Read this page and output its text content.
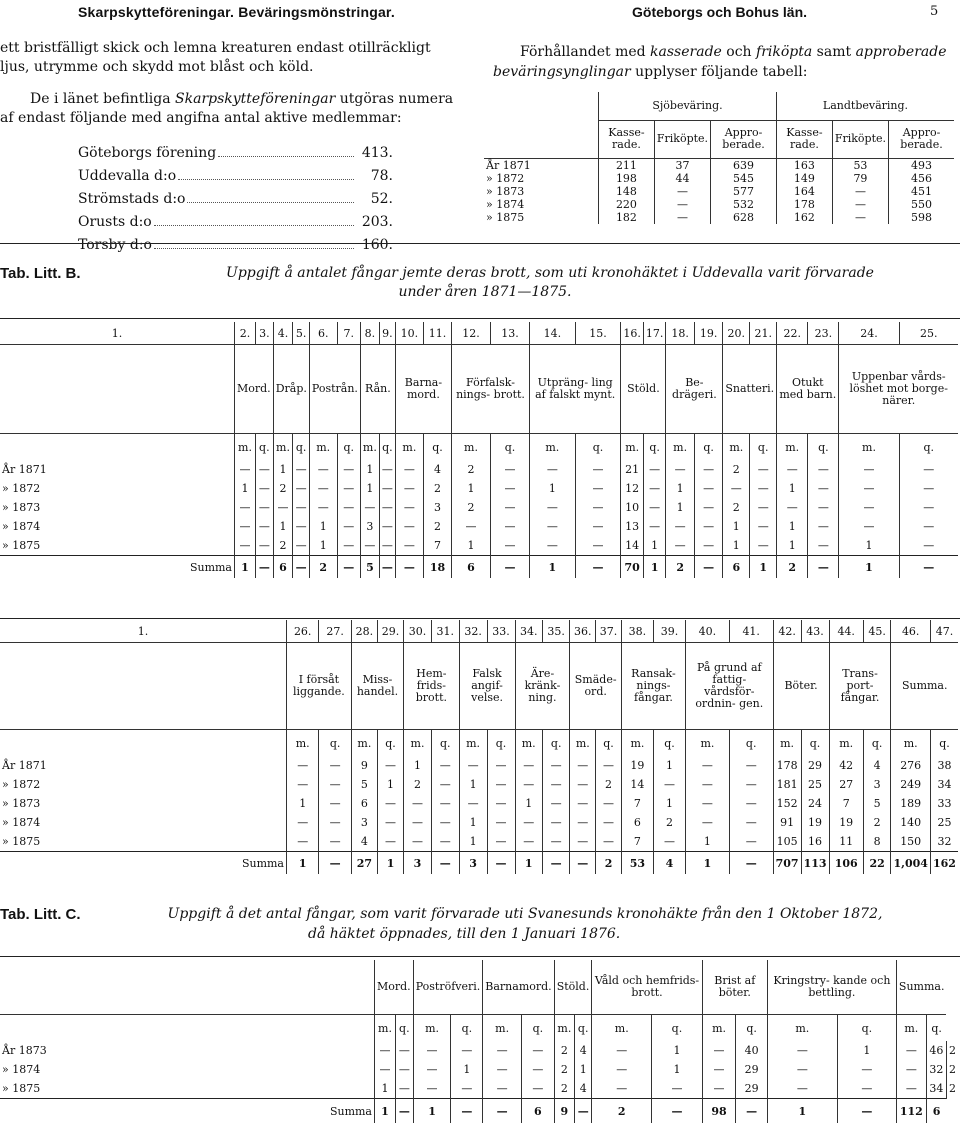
Skarpskytteföreningar. Beväringsmönstringar.	Göteborgs och Bohus län.	5
ett bristfälligt skick och lemna kreaturen endast otillräckligt
ljus, utrymme och skydd mot blåst och köld.
De i länet befintliga Skarpskytteföreningar utgöras numera
af endast följande med angifna antal aktive medlemmar:
Göteborgs förening	413.
Uddevalla d:o	78.
Strömstads d:o	52.
Orusts d:o	203.
Torsby d:o	160.
Förhållandet med kasserade och friköpta samt approberade
beväringsynglingar upplyser följande tabell:
	Sjöbeväring.			Landtbeväring.		
	Kasse- rade.	Friköpte.	Appro- berade.	Kasse- rade.	Friköpte.	Appro- berade.
År 1871	211	37	639	163	53	493
» 1872	198	44	545	149	79	456
» 1873	148	—	577	164	—	451
» 1874	220	—	532	178	—	550
» 1875	182	—	628	162	—	598
Tab. Litt. B.	Uppgift å antalet fångar jemte deras brott, som uti kronohäktet i Uddevalla varit förvarade
under åren 1871—1875.
1.	2.	3.	4.	5.	6.	7.	8.	9.	10.	11.	12.	13.	14.	15.	16.	17.	18.	19.	20.	21.	22.	23.	24.	25.
	Mord.		Dråp.		Postrån.		Rån.		Barna- mord.		Förfalsk- nings- brott.		Utpräng- ling af falskt mynt.		Stöld.		Be- drägeri.		Snatteri.		Otukt med barn.		Uppenbar vårds- löshet mot borge- närer.	
	m.	q.	m.	q.	m.	q.	m.	q.	m.	q.	m.	q.	m.	q.	m.	q.	m.	q.	m.	q.	m.	q.	m.	q.
År 1871	—	—	1	—	—	—	1	—	—	4	2	—	—	—	21	—	—	—	2	—	—	—	—	—
» 1872	1	—	2	—	—	—	1	—	—	2	1	—	1	—	12	—	1	—	—	—	1	—	—	—
» 1873	—	—	—	—	—	—	—	—	—	3	2	—	—	—	10	—	1	—	2	—	—	—	—	—
» 1874	—	—	1	—	1	—	3	—	—	2	—	—	—	—	13	—	—	—	1	—	1	—	—	—
» 1875	—	—	2	—	1	—	—	—	—	7	1	—	—	—	14	1	—	—	1	—	1	—	1	—
Summa	1	—	6	—	2	—	5	—	—	18	6	—	1	—	70	1	2	—	6	1	2	—	1	—
1.	26.	27.	28.	29.	30.	31.	32.	33.	34.	35.	36.	37.	38.	39.	40.	41.	42.	43.	44.	45.	46.	47.
	I försåt liggande.		Miss- handel.		Hem- frids- brott.		Falsk angif- velse.		Äre- kränk- ning.		Smäde- ord.		Ransak- nings- fångar.		På grund af fattig- vårdsför- ordnin- gen.		Böter.		Trans- port- fångar.		Summa.	
	m.	q.	m.	q.	m.	q.	m.	q.	m.	q.	m.	q.	m.	q.	m.	q.	m.	q.	m.	q.	m.	q.
År 1871	—	—	9	—	1	—	—	—	—	—	—	—	19	1	—	—	178	29	42	4	276	38
» 1872	—	—	5	1	2	—	1	—	—	—	—	2	14	—	—	—	181	25	27	3	249	34
» 1873	1	—	6	—	—	—	—	—	1	—	—	—	7	1	—	—	152	24	7	5	189	33
» 1874	—	—	3	—	—	—	1	—	—	—	—	—	6	2	—	—	91	19	19	2	140	25
» 1875	—	—	4	—	—	—	1	—	—	—	—	—	7	—	1	—	105	16	11	8	150	32
Summa	1	—	27	1	3	—	3	—	1	—	—	2	53	4	1	—	707	113	106	22	1,004	162
Tab. Litt. C.	Uppgift å det antal fångar, som varit förvarade uti Svanesunds kronohäkte från den 1 Oktober 1872,
då häktet öppnades, till den 1 Januari 1876.
	Mord.		Poströfveri.		Barnamord.		Stöld.		Våld och hemfrids- brott.		Brist af böter.		Kringstry- kande och bettling.		Summa.		
	m.	q.	m.	q.	m.	q.	m.	q.	m.	q.	m.	q.	m.	q.	m.	q.	
År 1873	—	—	—	—	—	—	2	4	—	1	—	40	—	1	—	46	2
» 1874	—	—	—	1	—	—	2	1	—	1	—	29	—	—	—	32	2
» 1875	1	—	—	—	—	—	2	4	—	—	—	29	—	—	—	34	2
Summa	1	—	1	—	—	6	9	—	2	—	98	—	1	—	112	6	
